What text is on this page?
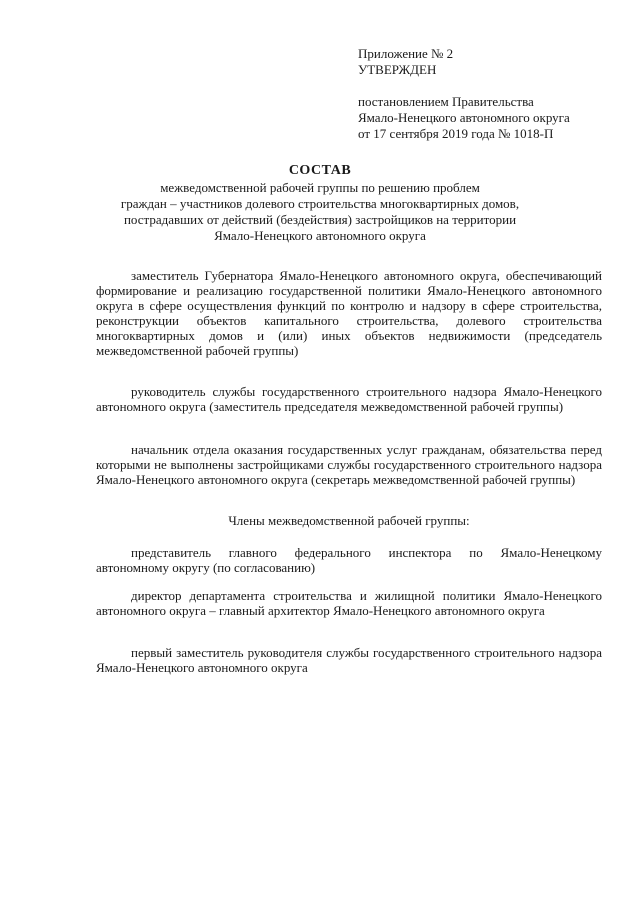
Приложение № 2
УТВЕРЖДЕН
постановлением Правительства
Ямало-Ненецкого автономного округа
от 17 сентября 2019 года № 1018-П
СОСТАВ
межведомственной рабочей группы по решению проблем
граждан – участников долевого строительства многоквартирных домов,
пострадавших от действий (бездействия) застройщиков на территории
Ямало-Ненецкого автономного округа
заместитель Губернатора Ямало-Ненецкого автономного округа, обеспечивающий формирование и реализацию государственной политики Ямало-Ненецкого автономного округа в сфере осуществления функций по контролю и надзору в сфере строительства, реконструкции объектов капитального строительства, долевого строительства многоквартирных домов и (или) иных объектов недвижимости (председатель межведомственной рабочей группы)
руководитель службы государственного строительного надзора Ямало-Ненецкого автономного округа (заместитель председателя межведомственной рабочей группы)
начальник отдела оказания государственных услуг гражданам, обязательства перед которыми не выполнены застройщиками службы государственного строительного надзора Ямало-Ненецкого автономного округа (секретарь межведомственной рабочей группы)
Члены межведомственной рабочей группы:
представитель главного федерального инспектора по Ямало-Ненецкому автономному округу (по согласованию)
директор департамента строительства и жилищной политики Ямало-Ненецкого автономного округа – главный архитектор Ямало-Ненецкого автономного округа
первый заместитель руководителя службы государственного строительного надзора Ямало-Ненецкого автономного округа
